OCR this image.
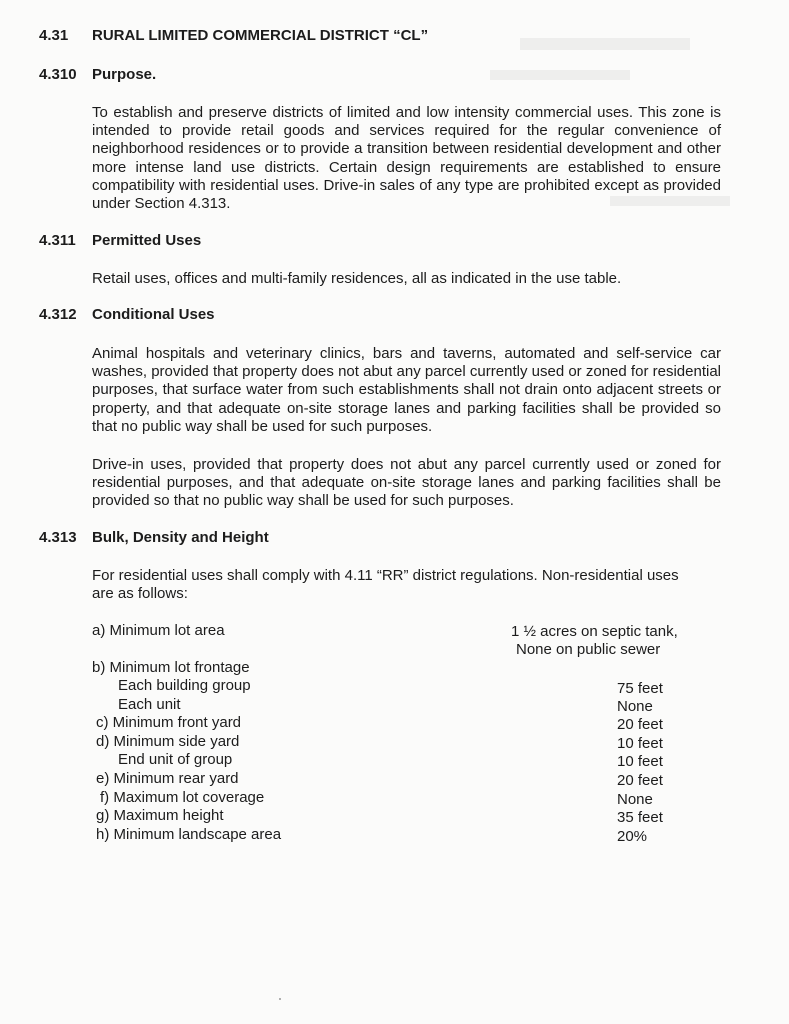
4.31 RURAL LIMITED COMMERCIAL DISTRICT “CL”
4.310 Purpose.

To establish and preserve districts of limited and low intensity commercial uses. This zone is intended to provide retail goods and services required for the regular convenience of neighborhood residences or to provide a transition between residential development and other more intense land use districts. Certain design requirements are established to ensure compatibility with residential uses. Drive-in sales of any type are prohibited except as provided under Section 4.313.

4.311 Permitted Uses

Retail uses, offices and multi-family residences, all as indicated in the use table.

4.312 Conditional Uses

Animal hospitals and veterinary clinics, bars and taverns, automated and self-service car washes, provided that property does not abut any parcel currently used or zoned for residential purposes, that surface water from such establishments shall not drain onto adjacent streets or property, and that adequate on-site storage lanes and parking facilities shall be provided so that no public way shall be used for such purposes.

Drive-in uses, provided that property does not abut any parcel currently used or zoned for residential purposes, and that adequate on-site storage lanes and parking facilities shall be provided so that no public way shall be used for such purposes.

4.313 Bulk, Density and Height

For residential uses shall comply with 4.11 “RR” district regulations. Non-residential uses are as follows:

a) Minimum lot area	1 ½ acres on septic tank,
None on public sewer
b) Minimum lot frontage
Each building group	75 feet
Each unit	None
c) Minimum front yard	20 feet
d) Minimum side yard	10 feet
End unit of group	10 feet
e) Minimum rear yard	20 feet
f) Maximum lot coverage	None
g) Maximum height	35 feet
h) Minimum landscape area	20%
